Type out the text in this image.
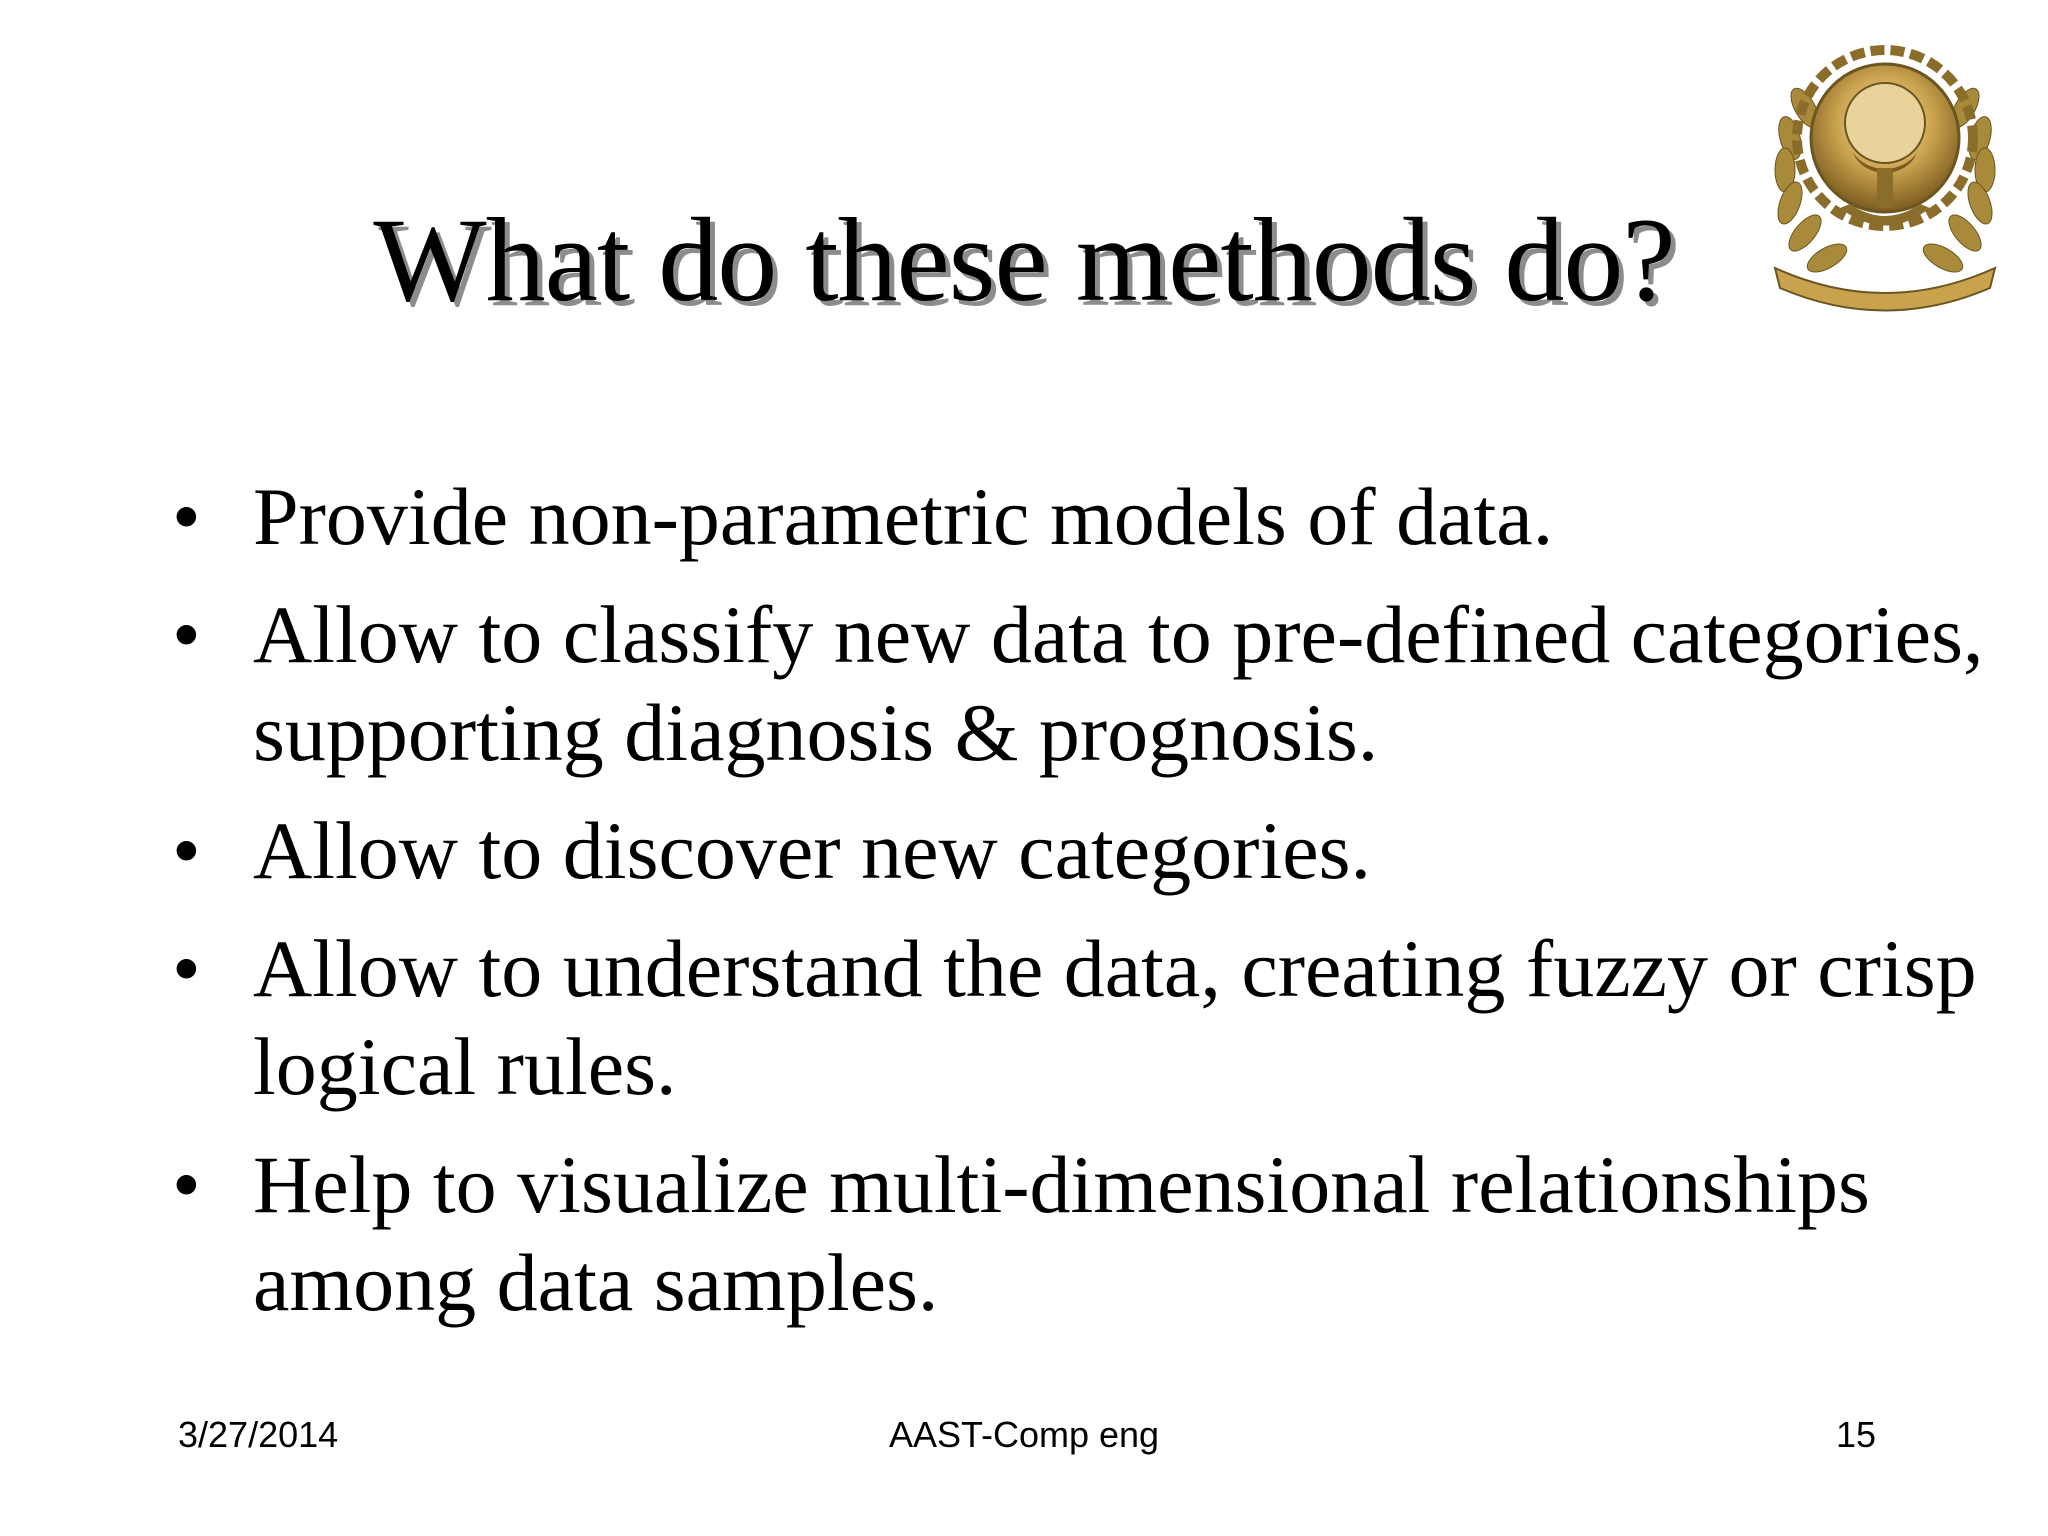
What do these methods do?
• Provide non-parametric models of data.
• Allow to classify new data to pre-defined categories, supporting diagnosis & prognosis.
• Allow to discover new categories.
• Allow to understand the data, creating fuzzy or crisp logical rules.
• Help to visualize multi-dimensional relationships among data samples.
3/27/2014	AAST-Comp eng	15
